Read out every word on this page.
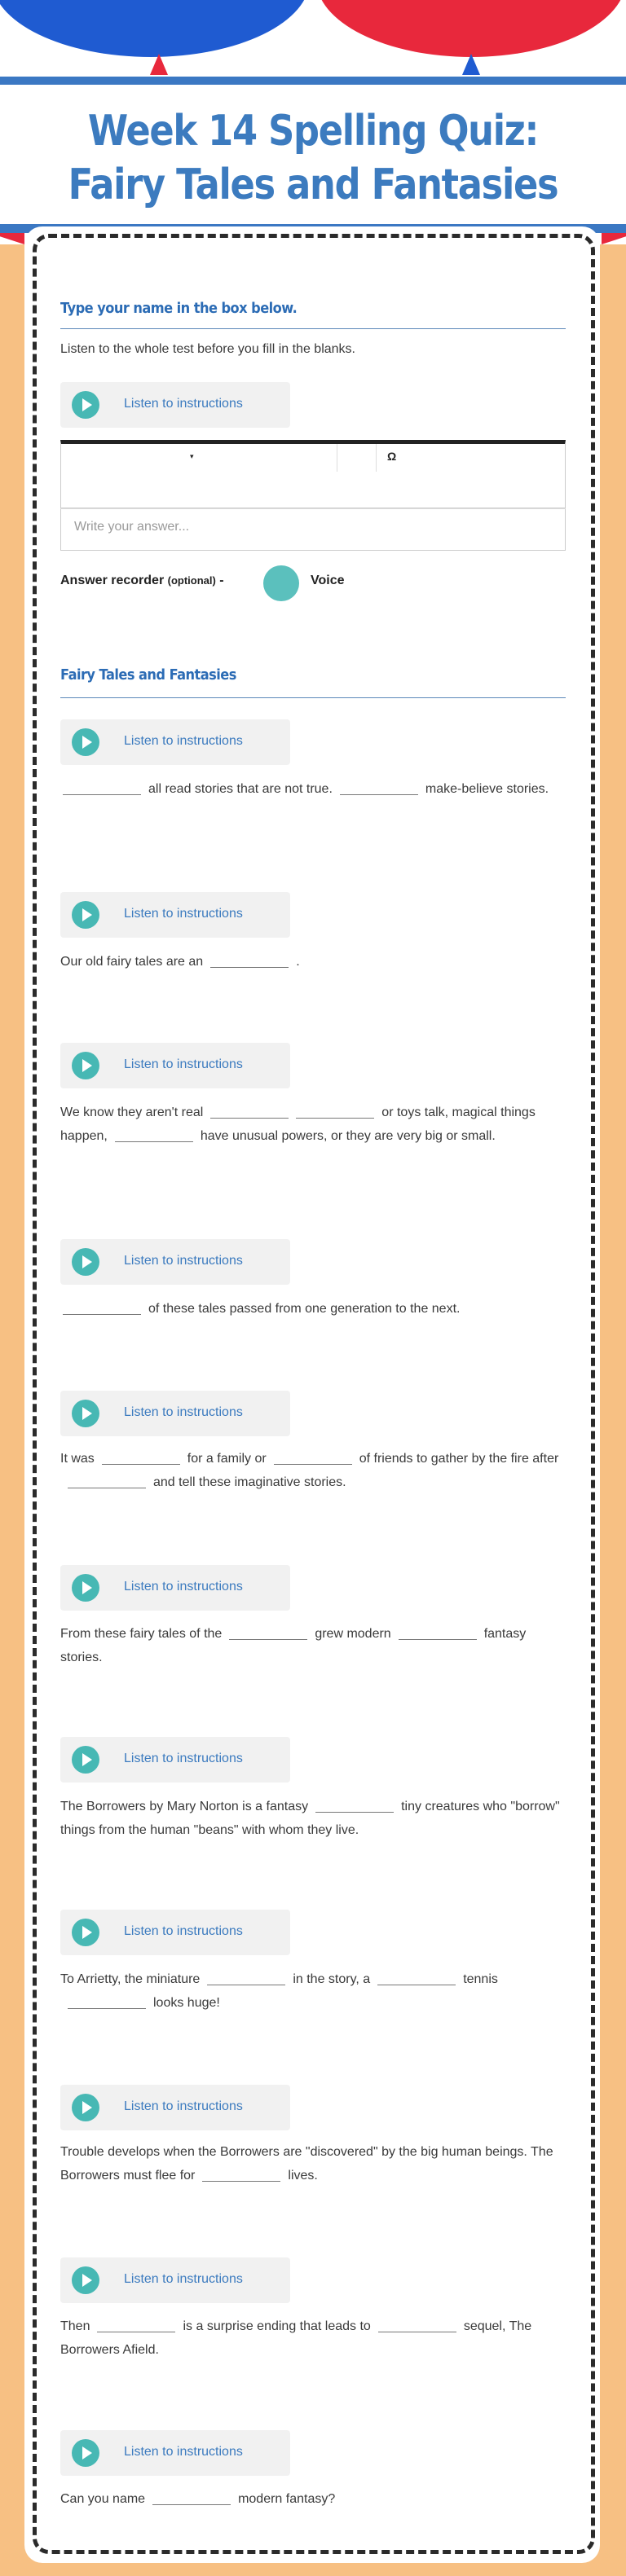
Week 14 Spelling Quiz: Fairy Tales and Fantasies
Type your name in the box below.
Listen to the whole test before you fill in the blanks.
Listen to instructions
▾	Ω
Write your answer...
Answer recorder (optional) -	Voice
Fairy Tales and Fantasies
Listen to instructions
all read stories that are not true.	make-believe stories.
Listen to instructions
Our old fairy tales are an	.
Listen to instructions
We know they aren't real	or toys talk, magical things happen,	have unusual powers, or they are very big or small.
Listen to instructions
of these tales passed from one generation to the next.
Listen to instructions
It was	for a family or	of friends to gather by the fire afterand tell these imaginative stories.
Listen to instructions
From these fairy tales of the	grew modern	fantasy stories.
Listen to instructions
The Borrowers by Mary Norton is a fantasy	tiny creatures who "borrow" things from the human "beans" with whom they live.
Listen to instructions
To Arrietty, the miniature	in the story, a	tennislooks huge!
Listen to instructions
Trouble develops when the Borrowers are "discovered" by the big human beings. The Borrowers must flee for	lives.
Listen to instructions
Then	is a surprise ending that leads to	sequel, The Borrowers Afield.
Listen to instructions
Can you name	modern fantasy?
